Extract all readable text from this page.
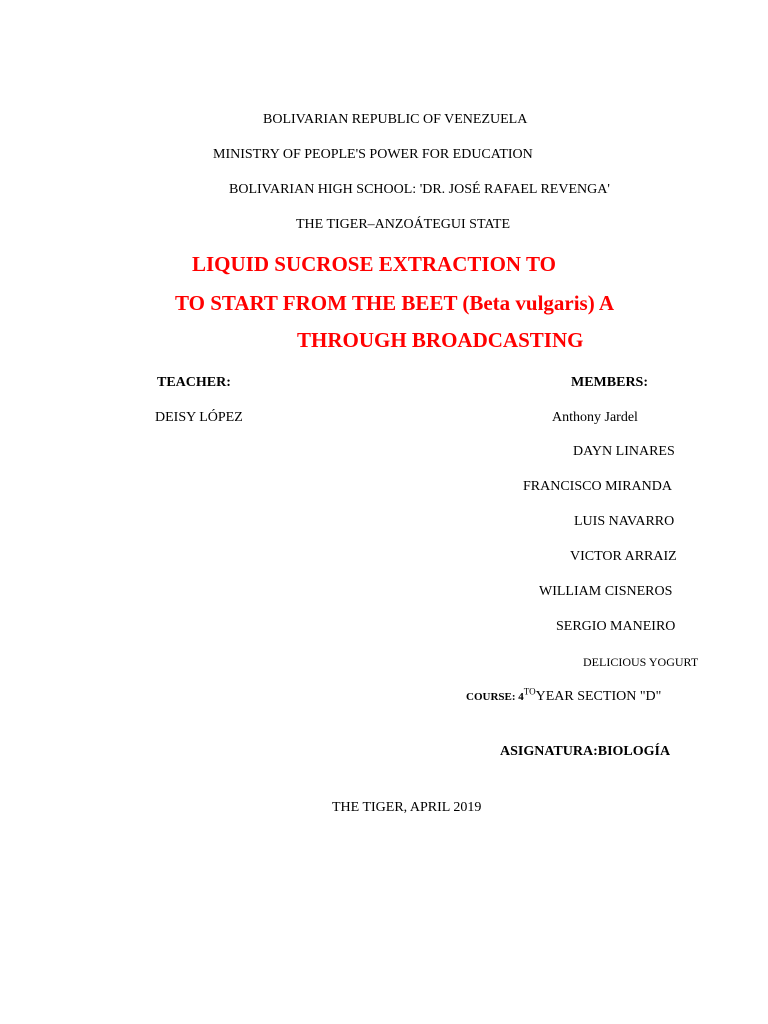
BOLIVARIAN REPUBLIC OF VENEZUELA
MINISTRY OF PEOPLE'S POWER FOR EDUCATION
BOLIVARIAN HIGH SCHOOL: 'DR. JOSÉ RAFAEL REVENGA'
THE TIGER–ANZOÁTEGUI STATE
LIQUID SUCROSE EXTRACTION TO
TO START FROM THE BEET (Beta vulgaris) A
THROUGH BROADCASTING
TEACHER:	MEMBERS:
DEISY LÓPEZ	Anthony Jardel
DAYN LINARES
FRANCISCO MIRANDA
LUIS NAVARRO
VICTOR ARRAIZ
WILLIAM CISNEROS
SERGIO MANEIRO
DELICIOUS YOGURT
COURSE: $4^{TO}YEAR$ SECTION "D"
ASIGNATURA:BIOLOGÍA
THE TIGER, APRIL 2019
